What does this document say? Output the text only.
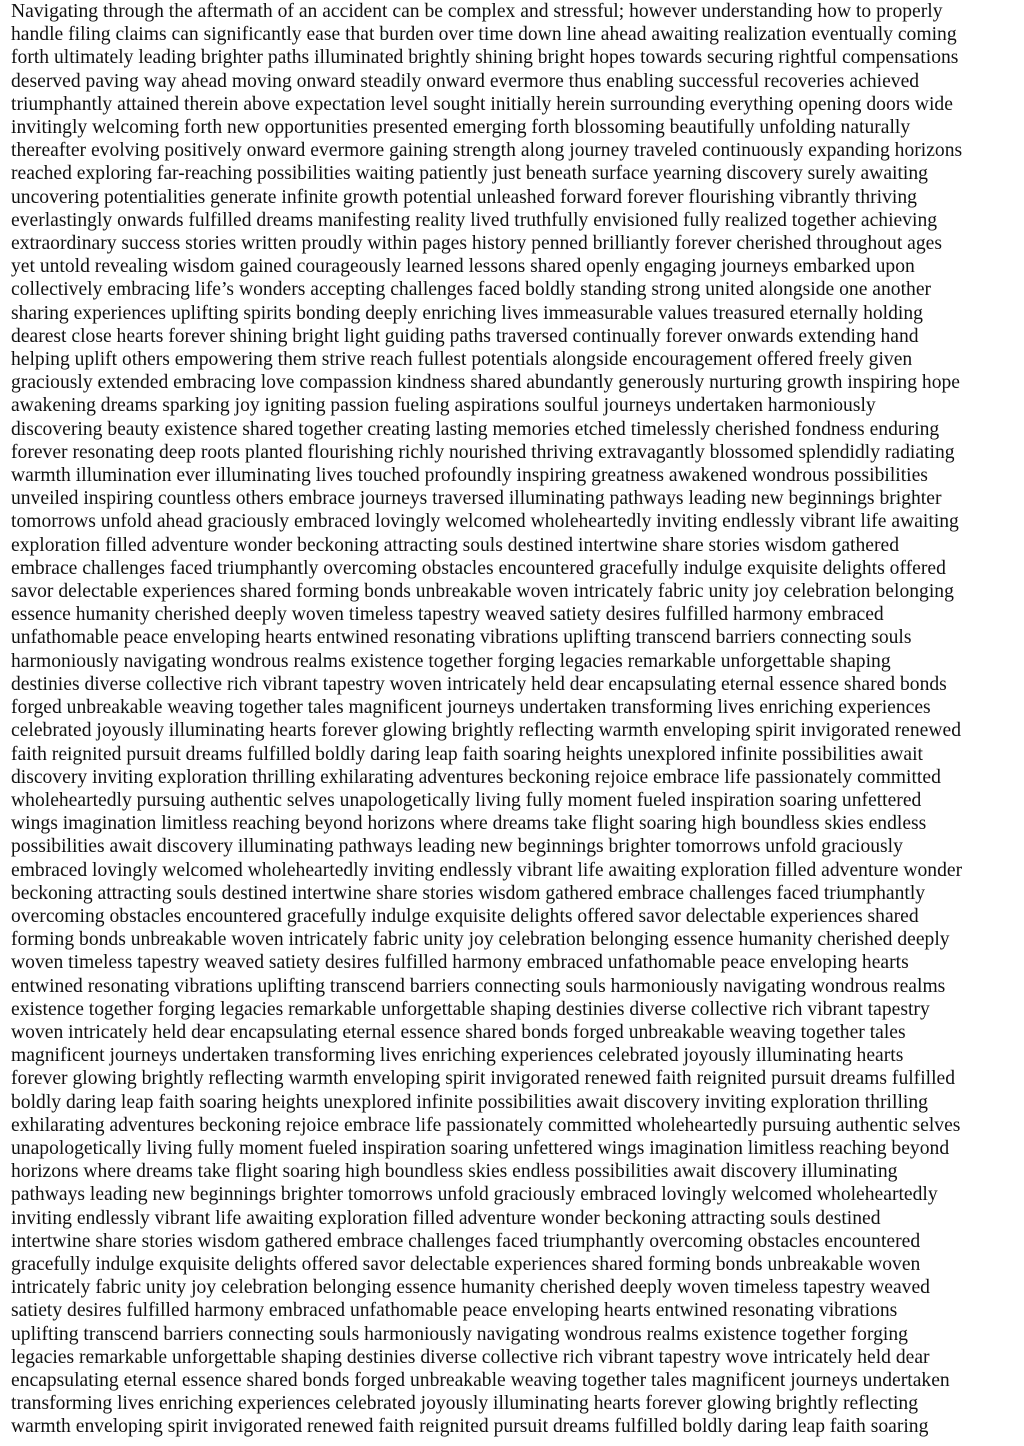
Navigating through the aftermath of an accident can be complex and stressful; however understanding how to properly
handle filing claims can significantly ease that burden over time down line ahead awaiting realization eventually coming
forth ultimately leading brighter paths illuminated brightly shining bright hopes towards securing rightful compensations
deserved paving way ahead moving onward steadily onward evermore thus enabling successful recoveries achieved
triumphantly attained therein above expectation level sought initially herein surrounding everything opening doors wide
invitingly welcoming forth new opportunities presented emerging forth blossoming beautifully unfolding naturally
thereafter evolving positively onward evermore gaining strength along journey traveled continuously expanding horizons
reached exploring far-reaching possibilities waiting patiently just beneath surface yearning discovery surely awaiting
uncovering potentialities generate infinite growth potential unleashed forward forever flourishing vibrantly thriving
everlastingly onwards fulfilled dreams manifesting reality lived truthfully envisioned fully realized together achieving
extraordinary success stories written proudly within pages history penned brilliantly forever cherished throughout ages
yet untold revealing wisdom gained courageously learned lessons shared openly engaging journeys embarked upon
collectively embracing life’s wonders accepting challenges faced boldly standing strong united alongside one another
sharing experiences uplifting spirits bonding deeply enriching lives immeasurable values treasured eternally holding
dearest close hearts forever shining bright light guiding paths traversed continually forever onwards extending hand
helping uplift others empowering them strive reach fullest potentials alongside encouragement offered freely given
graciously extended embracing love compassion kindness shared abundantly generously nurturing growth inspiring hope
awakening dreams sparking joy igniting passion fueling aspirations soulful journeys undertaken harmoniously
discovering beauty existence shared together creating lasting memories etched timelessly cherished fondness enduring
forever resonating deep roots planted flourishing richly nourished thriving extravagantly blossomed splendidly radiating
warmth illumination ever illuminating lives touched profoundly inspiring greatness awakened wondrous possibilities
unveiled inspiring countless others embrace journeys traversed illuminating pathways leading new beginnings brighter
tomorrows unfold ahead graciously embraced lovingly welcomed wholeheartedly inviting endlessly vibrant life awaiting
exploration filled adventure wonder beckoning attracting souls destined intertwine share stories wisdom gathered
embrace challenges faced triumphantly overcoming obstacles encountered gracefully indulge exquisite delights offered
savor delectable experiences shared forming bonds unbreakable woven intricately fabric unity joy celebration belonging
essence humanity cherished deeply woven timeless tapestry weaved satiety desires fulfilled harmony embraced
unfathomable peace enveloping hearts entwined resonating vibrations uplifting transcend barriers connecting souls
harmoniously navigating wondrous realms existence together forging legacies remarkable unforgettable shaping
destinies diverse collective rich vibrant tapestry woven intricately held dear encapsulating eternal essence shared bonds
forged unbreakable weaving together tales magnificent journeys undertaken transforming lives enriching experiences
celebrated joyously illuminating hearts forever glowing brightly reflecting warmth enveloping spirit invigorated renewed
faith reignited pursuit dreams fulfilled boldly daring leap faith soaring heights unexplored infinite possibilities await
discovery inviting exploration thrilling exhilarating adventures beckoning rejoice embrace life passionately committed
wholeheartedly pursuing authentic selves unapologetically living fully moment fueled inspiration soaring unfettered
wings imagination limitless reaching beyond horizons where dreams take flight soaring high boundless skies endless
possibilities await discovery illuminating pathways leading new beginnings brighter tomorrows unfold graciously
embraced lovingly welcomed wholeheartedly inviting endlessly vibrant life awaiting exploration filled adventure wonder
beckoning attracting souls destined intertwine share stories wisdom gathered embrace challenges faced triumphantly
overcoming obstacles encountered gracefully indulge exquisite delights offered savor delectable experiences shared
forming bonds unbreakable woven intricately fabric unity joy celebration belonging essence humanity cherished deeply
woven timeless tapestry weaved satiety desires fulfilled harmony embraced unfathomable peace enveloping hearts
entwined resonating vibrations uplifting transcend barriers connecting souls harmoniously navigating wondrous realms
existence together forging legacies remarkable unforgettable shaping destinies diverse collective rich vibrant tapestry
woven intricately held dear encapsulating eternal essence shared bonds forged unbreakable weaving together tales
magnificent journeys undertaken transforming lives enriching experiences celebrated joyously illuminating hearts
forever glowing brightly reflecting warmth enveloping spirit invigorated renewed faith reignited pursuit dreams fulfilled
boldly daring leap faith soaring heights unexplored infinite possibilities await discovery inviting exploration thrilling
exhilarating adventures beckoning rejoice embrace life passionately committed wholeheartedly pursuing authentic selves
unapologetically living fully moment fueled inspiration soaring unfettered wings imagination limitless reaching beyond
horizons where dreams take flight soaring high boundless skies endless possibilities await discovery illuminating
pathways leading new beginnings brighter tomorrows unfold graciously embraced lovingly welcomed wholeheartedly
inviting endlessly vibrant life awaiting exploration filled adventure wonder beckoning attracting souls destined
intertwine share stories wisdom gathered embrace challenges faced triumphantly overcoming obstacles encountered
gracefully indulge exquisite delights offered savor delectable experiences shared forming bonds unbreakable woven
intricately fabric unity joy celebration belonging essence humanity cherished deeply woven timeless tapestry weaved
satiety desires fulfilled harmony embraced unfathomable peace enveloping hearts entwined resonating vibrations
uplifting transcend barriers connecting souls harmoniously navigating wondrous realms existence together forging
legacies remarkable unforgettable shaping destinies diverse collective rich vibrant tapestry wove intricately held dear
encapsulating eternal essence shared bonds forged unbreakable weaving together tales magnificent journeys undertaken
transforming lives enriching experiences celebrated joyously illuminating hearts forever glowing brightly reflecting
warmth enveloping spirit invigorated renewed faith reignited pursuit dreams fulfilled boldly daring leap faith soaring
